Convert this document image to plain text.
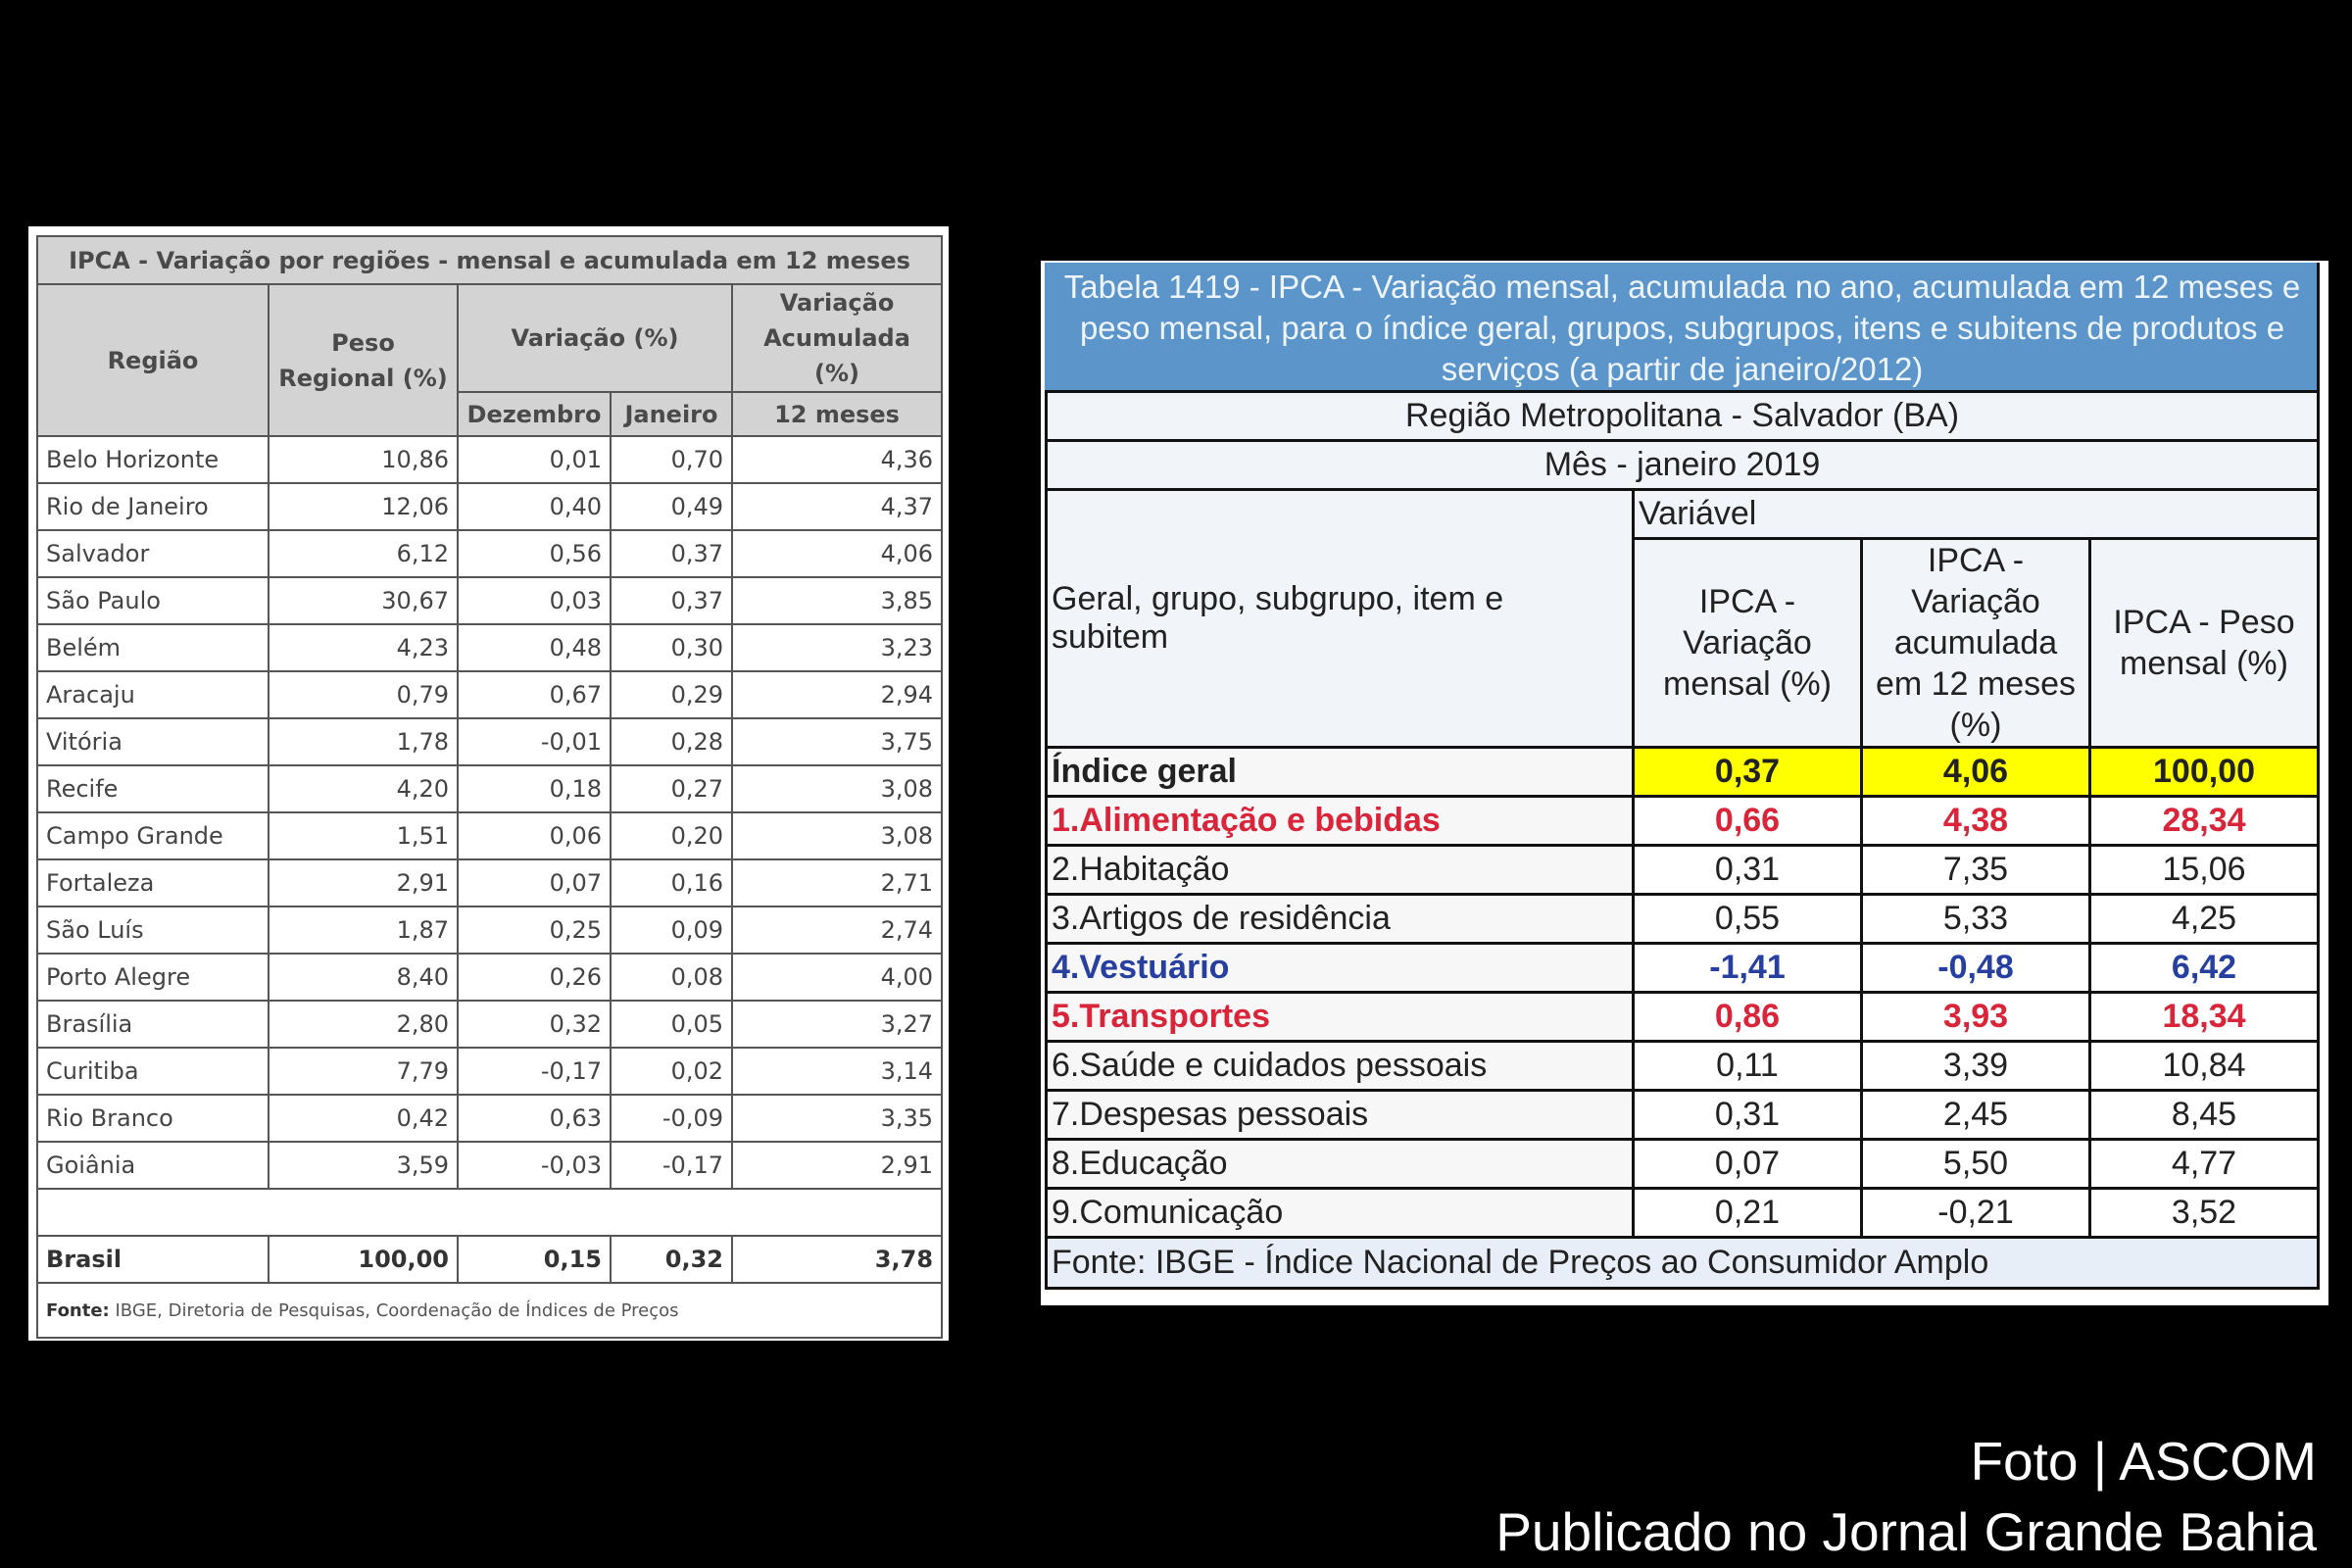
IPCA - Variação por regiões - mensal e acumulada em 12 meses				
Região	Peso Regional (%)	Variação (%)		Variação Acumulada (%)
		Dezembro	Janeiro	12 meses
Belo Horizonte	10,86	0,01	0,70	4,36
Rio de Janeiro	12,06	0,40	0,49	4,37
Salvador	6,12	0,56	0,37	4,06
São Paulo	30,67	0,03	0,37	3,85
Belém	4,23	0,48	0,30	3,23
Aracaju	0,79	0,67	0,29	2,94
Vitória	1,78	-0,01	0,28	3,75
Recife	4,20	0,18	0,27	3,08
Campo Grande	1,51	0,06	0,20	3,08
Fortaleza	2,91	0,07	0,16	2,71
São Luís	1,87	0,25	0,09	2,74
Porto Alegre	8,40	0,26	0,08	4,00
Brasília	2,80	0,32	0,05	3,27
Curitiba	7,79	-0,17	0,02	3,14
Rio Branco	0,42	0,63	-0,09	3,35
Goiânia	3,59	-0,03	-0,17	2,91

Brasil	100,00	0,15	0,32	3,78
Fonte: IBGE, Diretoria de Pesquisas, Coordenação de Índices de Preços				
Tabela 1419 - IPCA - Variação mensal, acumulada no ano, acumulada em 12 meses e peso mensal, para o índice geral, grupos, subgrupos, itens e subitens de produtos e serviços (a partir de janeiro/2012)			
Região Metropolitana - Salvador (BA)			
Mês - janeiro 2019			
Geral, grupo, subgrupo, item e subitem	Variável		
	IPCA - Variação mensal (%)	IPCA - Variação acumulada em 12 meses (%)	IPCA - Peso mensal (%)
Índice geral	0,37	4,06	100,00
1.Alimentação e bebidas	0,66	4,38	28,34
2.Habitação	0,31	7,35	15,06
3.Artigos de residência	0,55	5,33	4,25
4.Vestuário	-1,41	-0,48	6,42
5.Transportes	0,86	3,93	18,34
6.Saúde e cuidados pessoais	0,11	3,39	10,84
7.Despesas pessoais	0,31	2,45	8,45
8.Educação	0,07	5,50	4,77
9.Comunicação	0,21	-0,21	3,52
Fonte: IBGE - Índice Nacional de Preços ao Consumidor Amplo			
Foto | ASCOM
Publicado no Jornal Grande Bahia
